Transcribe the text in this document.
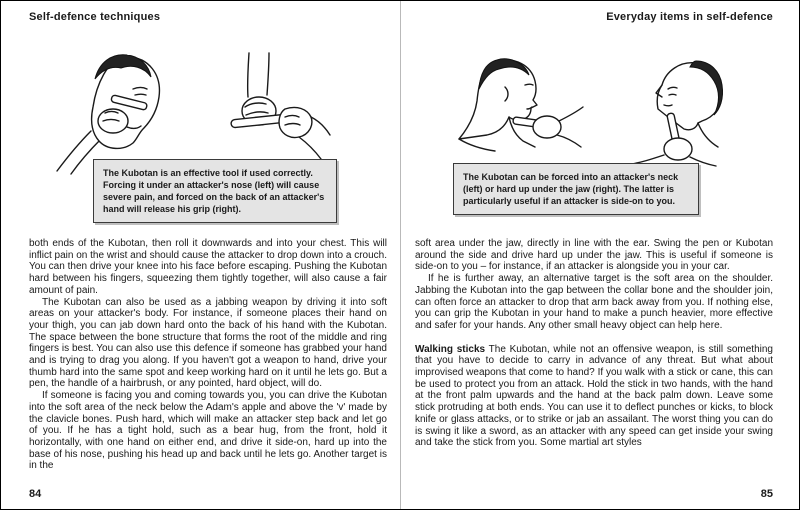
Self-defence techniques
The Kubotan is an effective tool if used correctly. Forcing it under an attacker's nose (left) will cause severe pain, and forced on the back of an attacker's hand will release his grip (right).

both ends of the Kubotan, then roll it downwards and into your chest. This will inflict pain on the wrist and should cause the attacker to drop down into a crouch. You can then drive your knee into his face before escaping. Pushing the Kubotan hard between his fingers, squeezing them tightly together, will also cause a fair amount of pain.

The Kubotan can also be used as a jabbing weapon by driving it into soft areas on your attacker's body. For instance, if someone places their hand on your thigh, you can jab down hard onto the back of his hand with the Kubotan. The space between the bone structure that forms the root of the middle and ring fingers is best. You can also use this defence if someone has grabbed your hand and is trying to drag you along. If you haven't got a weapon to hand, drive your thumb hard into the same spot and keep working hard on it until he lets go. But a pen, the handle of a hairbrush, or any pointed, hard object, will do.

If someone is facing you and coming towards you, you can drive the Kubotan into the soft area of the neck below the Adam's apple and above the 'v' made by the clavicle bones. Push hard, which will make an attacker step back and let go of you. If he has a tight hold, such as a bear hug, from the front, hold it horizontally, with one hand on either end, and drive it side-on, hard up into the base of his nose, pushing his head up and back until he lets go. Another target is in the

84
Everyday items in self-defence
The Kubotan can be forced into an attacker's neck (left) or hard up under the jaw (right). The latter is particularly useful if an attacker is side-on to you.

soft area under the jaw, directly in line with the ear. Swing the pen or Kubotan around the side and drive hard up under the jaw. This is useful if someone is side-on to you – for instance, if an attacker is alongside you in your car.

If he is further away, an alternative target is the soft area on the shoulder. Jabbing the Kubotan into the gap between the collar bone and the shoulder join, can often force an attacker to drop that arm back away from you. If nothing else, you can grip the Kubotan in your hand to make a punch heavier, more effective and safer for your hands. Any other small heavy object can help here.

Walking sticks The Kubotan, while not an offensive weapon, is still something that you have to decide to carry in advance of any threat. But what about improvised weapons that come to hand? If you walk with a stick or cane, this can be used to protect you from an attack. Hold the stick in two hands, with the hand at the front palm upwards and the hand at the back palm down. Leave some stick protruding at both ends. You can use it to deflect punches or kicks, to block knife or glass attacks, or to strike or jab an assailant. The worst thing you can do is swing it like a sword, as an attacker with any speed can get inside your swing and take the stick from you. Some martial art styles

85
